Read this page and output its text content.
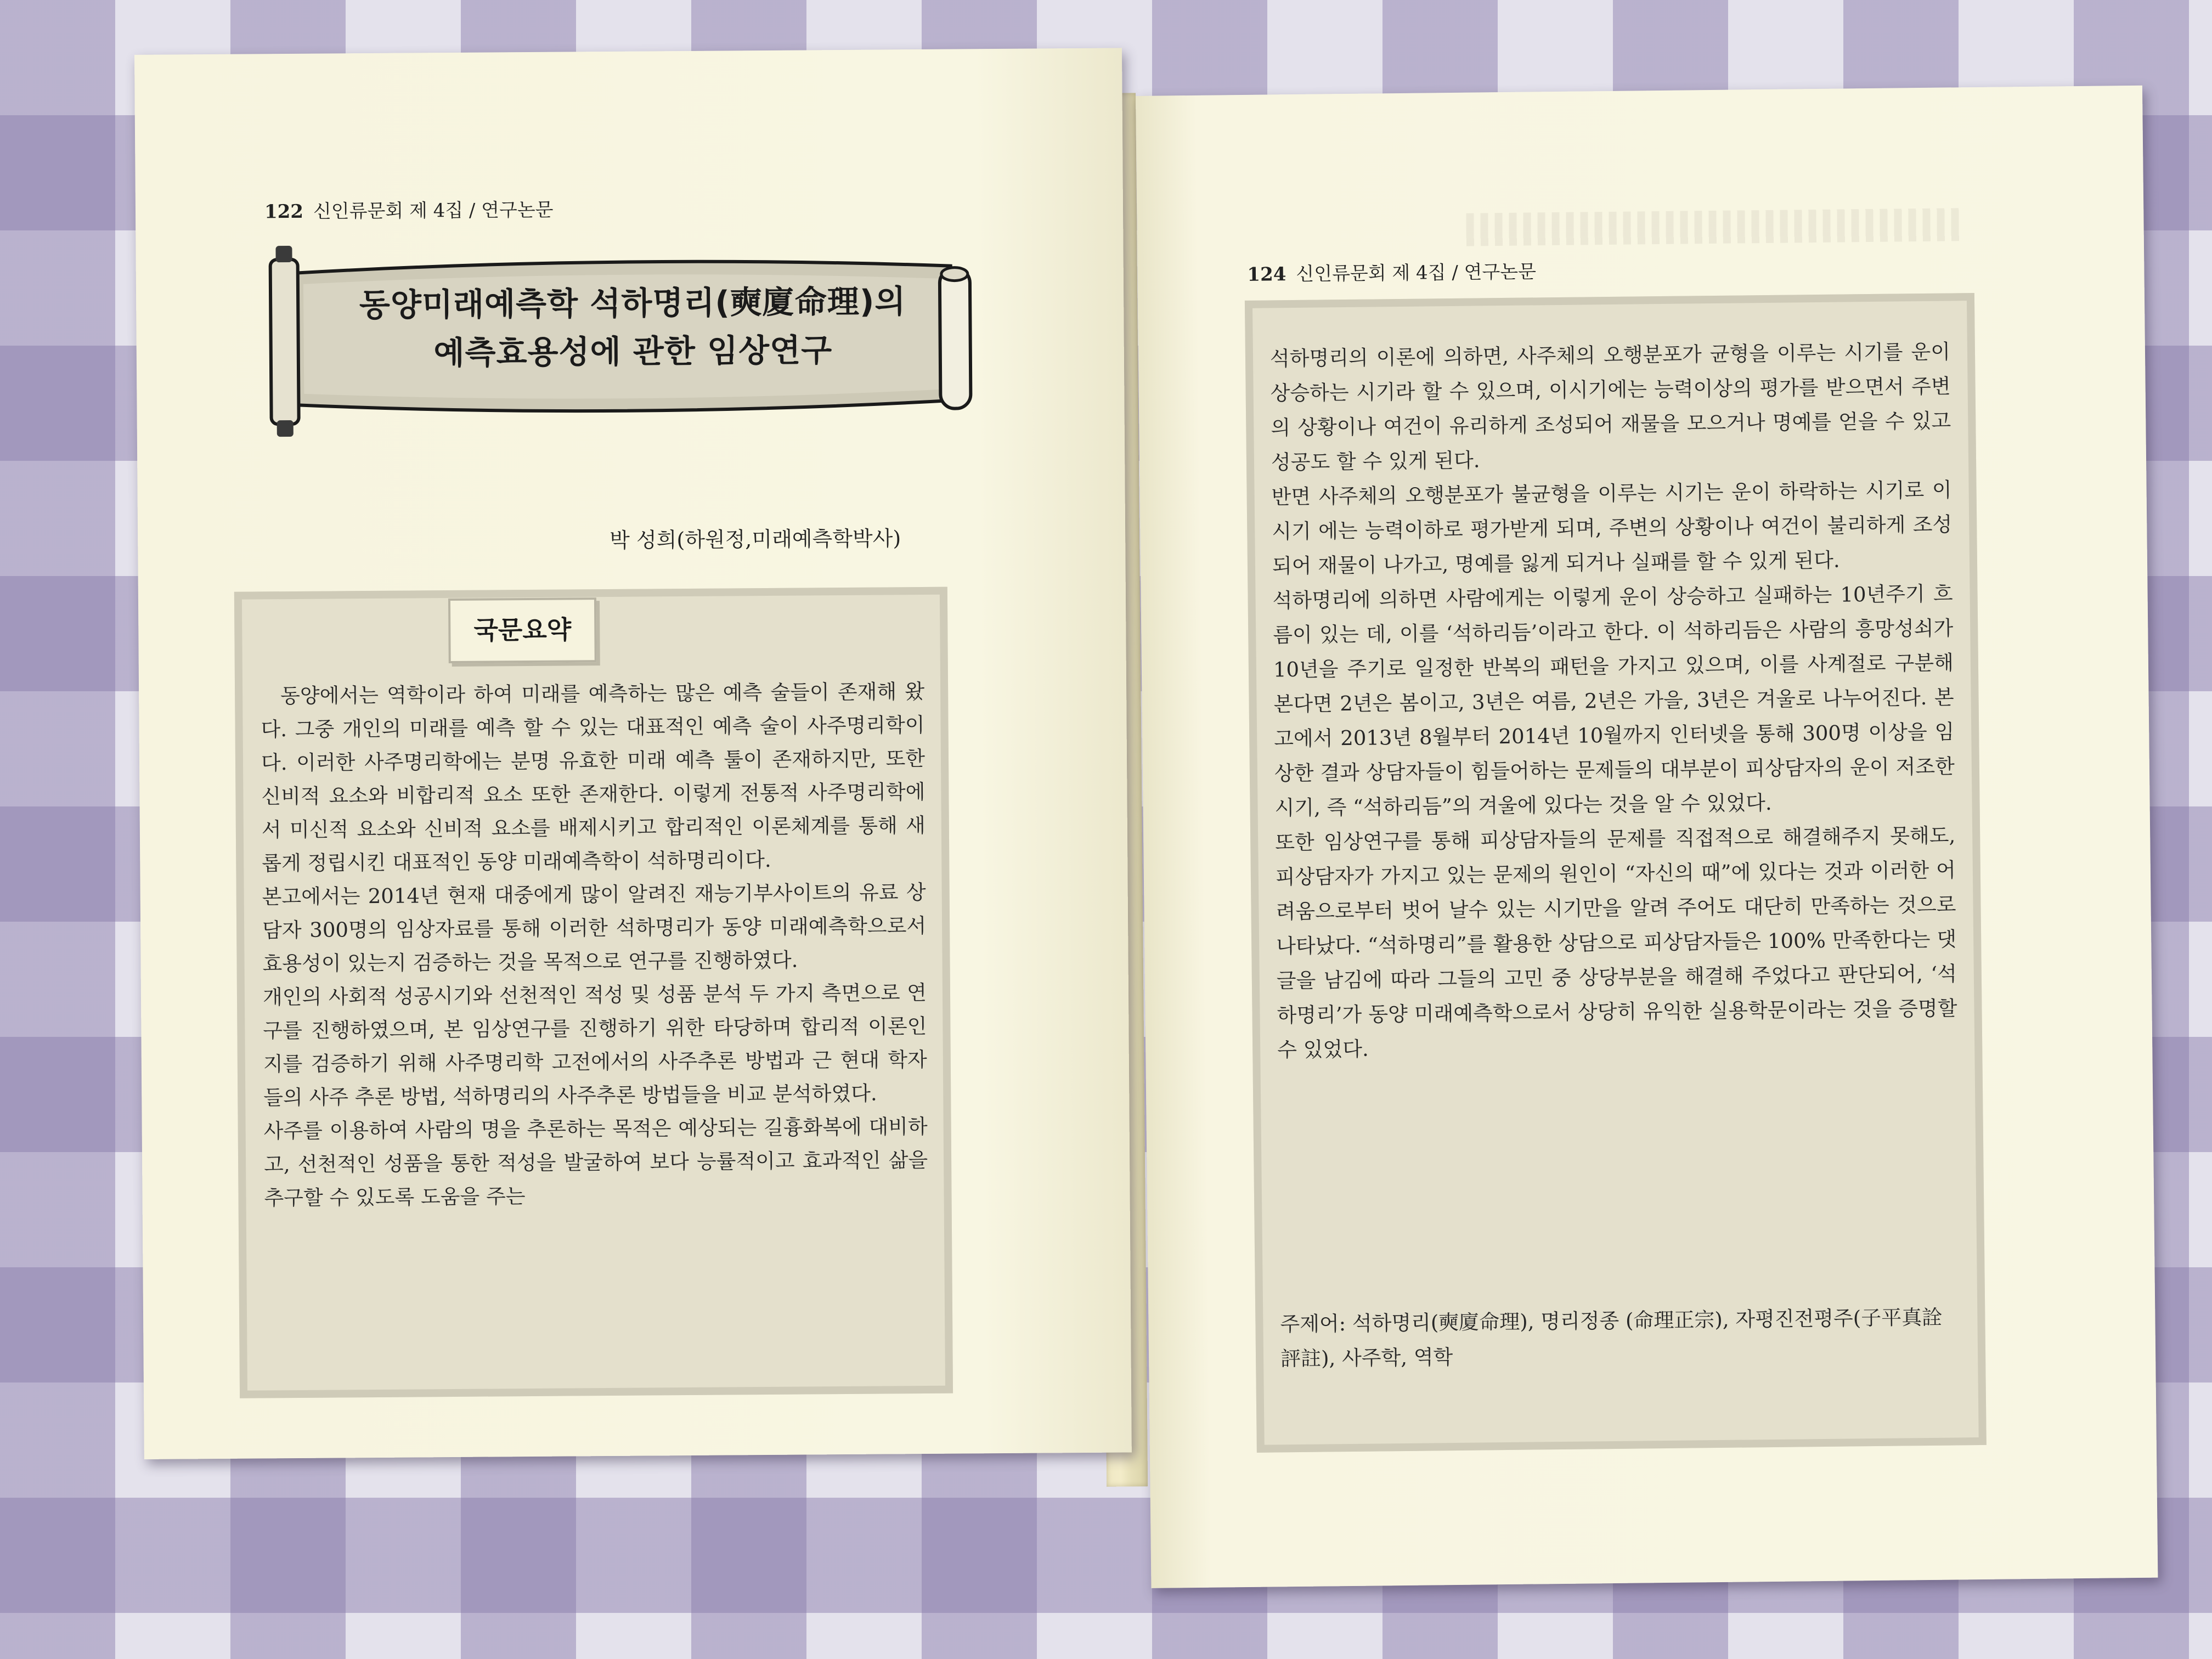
122 신인류문회 제 4집 / 연구논문
동양미래예측학 석하명리(奭廈命理)의
예측효용성에 관한 임상연구
박 성희(하원정,미래예측학박사)
국문요약

동양에서는 역학이라 하여 미래를 예측하는 많은 예측 술들이 존재해 왔다. 그중 개인의 미래를 예측 할 수 있는 대표적인 예측 술이 사주명리학이다. 이러한 사주명리학에는 분명 유효한 미래 예측 툴이 존재하지만, 또한 신비적 요소와 비합리적 요소 또한 존재한다. 이렇게 전통적 사주명리학에서 미신적 요소와 신비적 요소를 배제시키고 합리적인 이론체계를 통해 새롭게 정립시킨 대표적인 동양 미래예측학이 석하명리이다.

본고에서는 2014년 현재 대중에게 많이 알려진 재능기부사이트의 유료 상담자 300명의 임상자료를 통해 이러한 석하명리가 동양 미래예측학으로서 효용성이 있는지 검증하는 것을 목적으로 연구를 진행하였다.

개인의 사회적 성공시기와 선천적인 적성 및 성품 분석 두 가지 측면으로 연구를 진행하였으며, 본 임상연구를 진행하기 위한 타당하며 합리적 이론인지를 검증하기 위해 사주명리학 고전에서의 사주추론 방법과 근 현대 학자들의 사주 추론 방법, 석하명리의 사주추론 방법들을 비교 분석하였다.

사주를 이용하여 사람의 명을 추론하는 목적은 예상되는 길흉화복에 대비하고, 선천적인 성품을 통한 적성을 발굴하여 보다 능률적이고 효과적인 삶을 추구할 수 있도록 도움을 주는

124 신인류문회 제 4집 / 연구논문

석하명리의 이론에 의하면, 사주체의 오행분포가 균형을 이루는 시기를 운이 상승하는 시기라 할 수 있으며, 이시기에는 능력이상의 평가를 받으면서 주변의 상황이나 여건이 유리하게 조성되어 재물을 모으거나 명예를 얻을 수 있고 성공도 할 수 있게 된다.

반면 사주체의 오행분포가 불균형을 이루는 시기는 운이 하락하는 시기로 이시기 에는 능력이하로 평가받게 되며, 주변의 상황이나 여건이 불리하게 조성되어 재물이 나가고, 명예를 잃게 되거나 실패를 할 수 있게 된다.

석하명리에 의하면 사람에게는 이렇게 운이 상승하고 실패하는 10년주기 흐름이 있는 데, 이를 ‘석하리듬’이라고 한다. 이 석하리듬은 사람의 흥망성쇠가 10년을 주기로 일정한 반복의 패턴을 가지고 있으며, 이를 사계절로 구분해 본다면 2년은 봄이고, 3년은 여름, 2년은 가을, 3년은 겨울로 나누어진다. 본고에서 2013년 8월부터 2014년 10월까지 인터넷을 통해 300명 이상을 임상한 결과 상담자들이 힘들어하는 문제들의 대부분이 피상담자의 운이 저조한 시기, 즉 “석하리듬”의 겨울에 있다는 것을 알 수 있었다.

또한 임상연구를 통해 피상담자들의 문제를 직접적으로 해결해주지 못해도, 피상담자가 가지고 있는 문제의 원인이 “자신의 때”에 있다는 것과 이러한 어려움으로부터 벗어 날수 있는 시기만을 알려 주어도 대단히 만족하는 것으로 나타났다. “석하명리”를 활용한 상담으로 피상담자들은 100% 만족한다는 댓글을 남김에 따라 그들의 고민 중 상당부분을 해결해 주었다고 판단되어, ‘석하명리’가 동양 미래예측학으로서 상당히 유익한 실용학문이라는 것을 증명할 수 있었다.

주제어: 석하명리(奭廈命理), 명리정종 (命理正宗), 자평진전평주(子平真詮評註), 사주학, 역학
